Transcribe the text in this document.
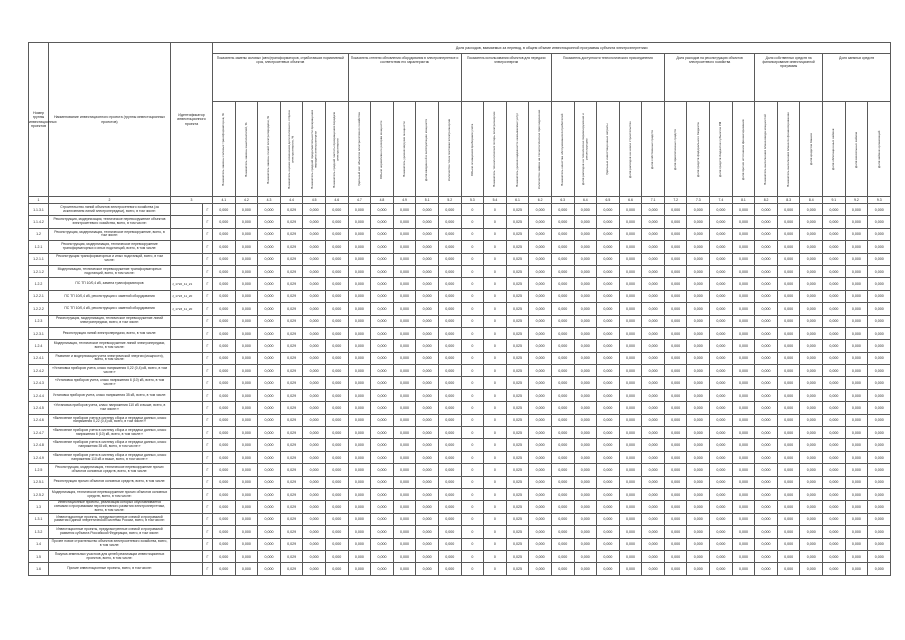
Номер группы инвестиционных проектов	Наименование инвестиционного проекта (группы инвестиционных проектов)	Идентификатор инвестиционного проекта		Доля расходов, взимаемых за перевод, в общем объеме инвестиционной программы субъекта электроэнергетики																													
				Показатель замены силовых (авто)трансформаторов, отработавших нормативный срок, электросетевых объектов						Показатель степени обновления оборудования в электроэнергетике и соответствия его характеристик					Показатель использования объектов для передачи электроэнергии				Показатель доступности технологического присоединения					Доля расходов на реконструкцию объектов электросетевого хозяйства				Доля собственных средств на финансирование инвестиционной программы			Доля заемных средств		

				Показатель замены силовых трансформаторов, %	Показатель замены выключателей, %	Показатель замены линий электропередачи, %	Показатель оценки изменения доли полезного отпуска электроэнергии, %	Показатель средней продолжительности прекращения передачи электроэнергии	Показатель средней частоты прекращения передачи электроэнергии	Удельный вес объектов электросетевого хозяйства	Объем нормативного резерва мощности	Показатель уровня загрузки мощности	Доля введенной в эксплуатацию мощности	Количество точек поставки электроэнергии	Объем оснащения приборами учета	Показатель технологических потерь электроэнергии	Показатель уровня надежности оказываемых услуг	Количество заявок на технологическое присоединение	Показатель качества обслуживания потребителей	Доля расходов на техническое перевооружение и реконструкцию	Удельные инвестиционные затраты	Доля расходов на новое строительство	Доля собственных средств	Доля привлеченных средств	Доля средств федерального бюджета	Доля средств бюджетов субъектов РФ	Доля прочих источников финансирования	Показатель выполнения плана ввода мощностей	Показатель выполнения плана по финансированию	Доля кредитов банков	Доля облигационных займов	Доля вексельных займов	Доля займов организаций

1	2	3		4.1	4.2	4.3	4.4	4.5	4.6	4.7	4.8	4.9	5.1	5.2	5.3	5.4	6.1	6.2	6.3	6.4	6.5	6.6	7.1	7.2	7.3	7.4	8.1	8.2	8.3	8.4	9.1	9.2	9.3
1.1.3.1	Строительство линий объектов электросетевого хозяйства (за исключением линий электропередачи), всего, в том числе:		Г	0,000	0,000	0,000	0,029	0,000	0,000	0,000	0,000	0,000	0,000	0,000	0	0	0,025	0,000	0,000	0,000	0,000	0,000	0,000	0,000	0,000	0,000	0,000	0,000	0,000	0,000	0,000	0,000	0,000
1.1.4.2	Реконструкция, модернизация, техническое перевооружение объектов электросетевого хозяйства, всего, в том числе:		Г	0,000	0,000	0,000	0,029	0,000	0,000	0,000	0,000	0,000	0,000	0,000	0	0	0,025	0,000	0,000	0,000	0,000	0,000	0,000	0,000	0,000	0,000	0,000	0,000	0,000	0,000	0,000	0,000	0,000
1.2	Реконструкция, модернизация, техническое перевооружение, всего, в том числе:		Г	0,000	0,000	0,000	0,029	0,000	0,000	0,000	0,000	0,000	0,000	0,000	0	0	0,025	0,000	0,000	0,000	0,000	0,000	0,000	0,000	0,000	0,000	0,000	0,000	0,000	0,000	0,000	0,000	0,000
1.2.1	Реконструкция, модернизация, техническое перевооружение трансформаторных и иных подстанций, всего, в том числе:		Г	0,000	0,000	0,000	0,029	0,000	0,000	0,000	0,000	0,000	0,000	0,000	0	0	0,025	0,000	0,000	0,000	0,000	0,000	0,000	0,000	0,000	0,000	0,000	0,000	0,000	0,000	0,000	0,000	0,000
1.2.1.1	Реконструкция трансформаторных и иных подстанций, всего, в том числе:		Г	0,000	0,000	0,000	0,029	0,000	0,000	0,000	0,000	0,000	0,000	0,000	0	0	0,025	0,000	0,000	0,000	0,000	0,000	0,000	0,000	0,000	0,000	0,000	0,000	0,000	0,000	0,000	0,000	0,000
1.2.1.2	Модернизация, техническое перевооружение трансформаторных подстанций, всего, в том числе:		Г	0,000	0,000	0,000	0,029	0,000	0,000	0,000	0,000	0,000	0,000	0,000	0	0	0,025	0,000	0,000	0,000	0,000	0,000	0,000	0,000	0,000	0,000	0,000	0,000	0,000	0,000	0,000	0,000	0,000
1.2.2	ПС ТП 10/0,4 кВ, замена трансформаторов	J_1722_11_21	Г	0,000	0,000	0,000	0,029	0,000	0,000	0,000	0,000	0,000	0,000	0,000	0	0	0,025	0,000	0,000	0,000	0,000	0,000	0,000	0,000	0,000	0,000	0,000	0,000	0,000	0,000	0,000	0,000	0,000
1.2.2.1	ПС ТП 10/0,4 кВ, реконструкция с заменой оборудования	J_1723_11_20	Г	0,000	0,000	0,000	0,029	0,000	0,000	0,000	0,000	0,000	0,000	0,000	0	0	0,025	0,000	0,000	0,000	0,000	0,000	0,000	0,000	0,000	0,000	0,000	0,000	0,000	0,000	0,000	0,000	0,000
1.2.2.2	ПС ТП 10/0,4 кВ, реконструкция с заменой оборудования	J_1723_11_20	Г	0,000	0,000	0,000	0,029	0,000	0,000	0,000	0,000	0,000	0,000	0,000	0	0	0,025	0,000	0,000	0,000	0,000	0,000	0,000	0,000	0,000	0,000	0,000	0,000	0,000	0,000	0,000	0,000	0,000
1.2.3	Реконструкция, модернизация, техническое перевооружение линий электропередачи, всего, в том числе:		Г	0,000	0,000	0,000	0,029	0,000	0,000	0,000	0,000	0,000	0,000	0,000	0	0	0,025	0,000	0,000	0,000	0,000	0,000	0,000	0,000	0,000	0,000	0,000	0,000	0,000	0,000	0,000	0,000	0,000
1.2.3.1	Реконструкция линий электропередачи, всего, в том числе:		Г	0,000	0,000	0,000	0,029	0,000	0,000	0,000	0,000	0,000	0,000	0,000	0	0	0,025	0,000	0,000	0,000	0,000	0,000	0,000	0,000	0,000	0,000	0,000	0,000	0,000	0,000	0,000	0,000	0,000
1.2.4	Модернизация, техническое перевооружение линий электропередачи, всего, в том числе:		Г	0,000	0,000	0,000	0,029	0,000	0,000	0,000	0,000	0,000	0,000	0,000	0	0	0,025	0,000	0,000	0,000	0,000	0,000	0,000	0,000	0,000	0,000	0,000	0,000	0,000	0,000	0,000	0,000	0,000
1.2.4.1	Развитие и модернизация учета электрической энергии (мощности), всего, в том числе:		Г	0,000	0,000	0,000	0,029	0,000	0,000	0,000	0,000	0,000	0,000	0,000	0	0	0,025	0,000	0,000	0,000	0,000	0,000	0,000	0,000	0,000	0,000	0,000	0,000	0,000	0,000	0,000	0,000	0,000
1.2.4.2	«Установка приборов учета, класс напряжения 0,22 (0,4) кВ, всего, в том числе:»		Г	0,000	0,000	0,000	0,029	0,000	0,000	0,000	0,000	0,000	0,000	0,000	0	0	0,025	0,000	0,000	0,000	0,000	0,000	0,000	0,000	0,000	0,000	0,000	0,000	0,000	0,000	0,000	0,000	0,000
1.2.4.3	«Установка приборов учета, класс напряжения 6 (10) кВ, всего, в том числе:»		Г	0,000	0,000	0,000	0,029	0,000	0,000	0,000	0,000	0,000	0,000	0,000	0	0	0,025	0,000	0,000	0,000	0,000	0,000	0,000	0,000	0,000	0,000	0,000	0,000	0,000	0,000	0,000	0,000	0,000
1.2.4.4	Установка приборов учета, класс напряжения 35 кВ, всего, в том числе:		Г	0,000	0,000	0,000	0,029	0,000	0,000	0,000	0,000	0,000	0,000	0,000	0	0	0,025	0,000	0,000	0,000	0,000	0,000	0,000	0,000	0,000	0,000	0,000	0,000	0,000	0,000	0,000	0,000	0,000
1.2.4.5	«Установка приборов учета, класс напряжения 110 кВ и выше, всего, в том числе:»		Г	0,000	0,000	0,000	0,029	0,000	0,000	0,000	0,000	0,000	0,000	0,000	0	0	0,025	0,000	0,000	0,000	0,000	0,000	0,000	0,000	0,000	0,000	0,000	0,000	0,000	0,000	0,000	0,000	0,000
1.2.4.6	«Включение приборов учета в систему сбора и передачи данных, класс напряжения 0,22 (0,4) кВ, всего, в том числе:»		Г	0,000	0,000	0,000	0,029	0,000	0,000	0,000	0,000	0,000	0,000	0,000	0	0	0,025	0,000	0,000	0,000	0,000	0,000	0,000	0,000	0,000	0,000	0,000	0,000	0,000	0,000	0,000	0,000	0,000
1.2.4.7	«Включение приборов учета в систему сбора и передачи данных, класс напряжения 6 (10) кВ, всего, в том числе:»		Г	0,000	0,000	0,000	0,029	0,000	0,000	0,000	0,000	0,000	0,000	0,000	0	0	0,025	0,000	0,000	0,000	0,000	0,000	0,000	0,000	0,000	0,000	0,000	0,000	0,000	0,000	0,000	0,000	0,000
1.2.4.8	«Включение приборов учета в систему сбора и передачи данных, класс напряжения 35 кВ, всего, в том числе:»		Г	0,000	0,000	0,000	0,029	0,000	0,000	0,000	0,000	0,000	0,000	0,000	0	0	0,025	0,000	0,000	0,000	0,000	0,000	0,000	0,000	0,000	0,000	0,000	0,000	0,000	0,000	0,000	0,000	0,000
1.2.4.9	«Включение приборов учета в систему сбора и передачи данных, класс напряжения 110 кВ и выше, всего, в том числе:»		Г	0,000	0,000	0,000	0,029	0,000	0,000	0,000	0,000	0,000	0,000	0,000	0	0	0,025	0,000	0,000	0,000	0,000	0,000	0,000	0,000	0,000	0,000	0,000	0,000	0,000	0,000	0,000	0,000	0,000
1.2.5	Реконструкция, модернизация, техническое перевооружение прочих объектов основных средств, всего, в том числе:		Г	0,000	0,000	0,000	0,029	0,000	0,000	0,000	0,000	0,000	0,000	0,000	0	0	0,025	0,000	0,000	0,000	0,000	0,000	0,000	0,000	0,000	0,000	0,000	0,000	0,000	0,000	0,000	0,000	0,000
1.2.5.1	Реконструкция прочих объектов основных средств, всего, в том числе:		Г	0,000	0,000	0,000	0,029	0,000	0,000	0,000	0,000	0,000	0,000	0,000	0	0	0,025	0,000	0,000	0,000	0,000	0,000	0,000	0,000	0,000	0,000	0,000	0,000	0,000	0,000	0,000	0,000	0,000
1.2.5.2	Модернизация, техническое перевооружение прочих объектов основных средств, всего, в том числе:		Г	0,000	0,000	0,000	0,029	0,000	0,000	0,000	0,000	0,000	0,000	0,000	0	0	0,025	0,000	0,000	0,000	0,000	0,000	0,000	0,000	0,000	0,000	0,000	0,000	0,000	0,000	0,000	0,000	0,000
1.3	Инвестиционные проекты, реализация которых обуславливается схемами и программами перспективного развития электроэнергетики, всего, в том числе:		Г	0,000	0,000	0,000	0,029	0,000	0,000	0,000	0,000	0,000	0,000	0,000	0	0	0,025	0,000	0,000	0,000	0,000	0,000	0,000	0,000	0,000	0,000	0,000	0,000	0,000	0,000	0,000	0,000	0,000
1.3.1	Инвестиционные проекты, предусмотренные схемой и программой развития Единой энергетической системы России, всего, в том числе:		Г	0,000	0,000	0,000	0,029	0,000	0,000	0,000	0,000	0,000	0,000	0,000	0	0	0,025	0,000	0,000	0,000	0,000	0,000	0,000	0,000	0,000	0,000	0,000	0,000	0,000	0,000	0,000	0,000	0,000
1.3.2	Инвестиционные проекты, предусмотренные схемой и программой развития субъекта Российской Федерации, всего, в том числе:		Г	0,000	0,000	0,000	0,029	0,000	0,000	0,000	0,000	0,000	0,000	0,000	0	0	0,025	0,000	0,000	0,000	0,000	0,000	0,000	0,000	0,000	0,000	0,000	0,000	0,000	0,000	0,000	0,000	0,000
1.4	Прочее новое строительство объектов электросетевого хозяйства, всего, в том числе:		Г	0,000	0,000	0,000	0,029	0,000	0,000	0,000	0,000	0,000	0,000	0,000	0	0	0,025	0,000	0,000	0,000	0,000	0,000	0,000	0,000	0,000	0,000	0,000	0,000	0,000	0,000	0,000	0,000	0,000
1.5	Покупка земельных участков для целей реализации инвестиционных проектов, всего, в том числе:		Г	0,000	0,000	0,000	0,029	0,000	0,000	0,000	0,000	0,000	0,000	0,000	0	0	0,025	0,000	0,000	0,000	0,000	0,000	0,000	0,000	0,000	0,000	0,000	0,000	0,000	0,000	0,000	0,000	0,000
1.6	Прочие инвестиционные проекты, всего, в том числе:		Г	0,000	0,000	0,000	0,029	0,000	0,000	0,000	0,000	0,000	0,000	0,000	0	0	0,025	0,000	0,000	0,000	0,000	0,000	0,000	0,000	0,000	0,000	0,000	0,000	0,000	0,000	0,000	0,000	0,000
